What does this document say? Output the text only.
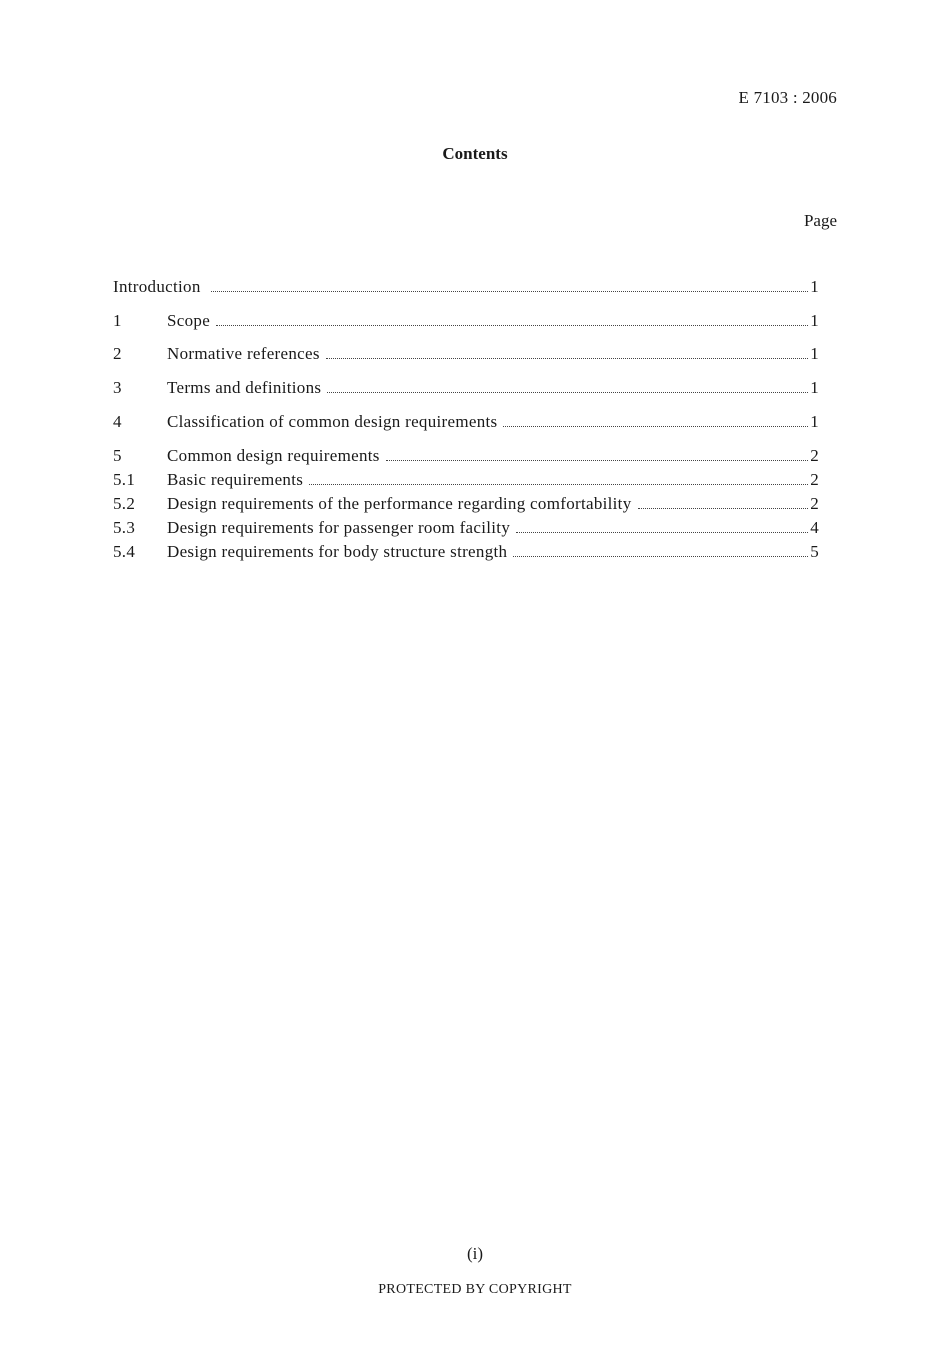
E 7103 : 2006
Contents
Page
Introduction	1
1	Scope	1
2	Normative references	1
3	Terms and definitions	1
4	Classification of common design requirements	1
5	Common design requirements	2
5.1	Basic requirements	2
5.2	Design requirements of the performance regarding comfortability	2
5.3	Design requirements for passenger room facility	4
5.4	Design requirements for body structure strength	5
(i)
PROTECTED BY COPYRIGHT
